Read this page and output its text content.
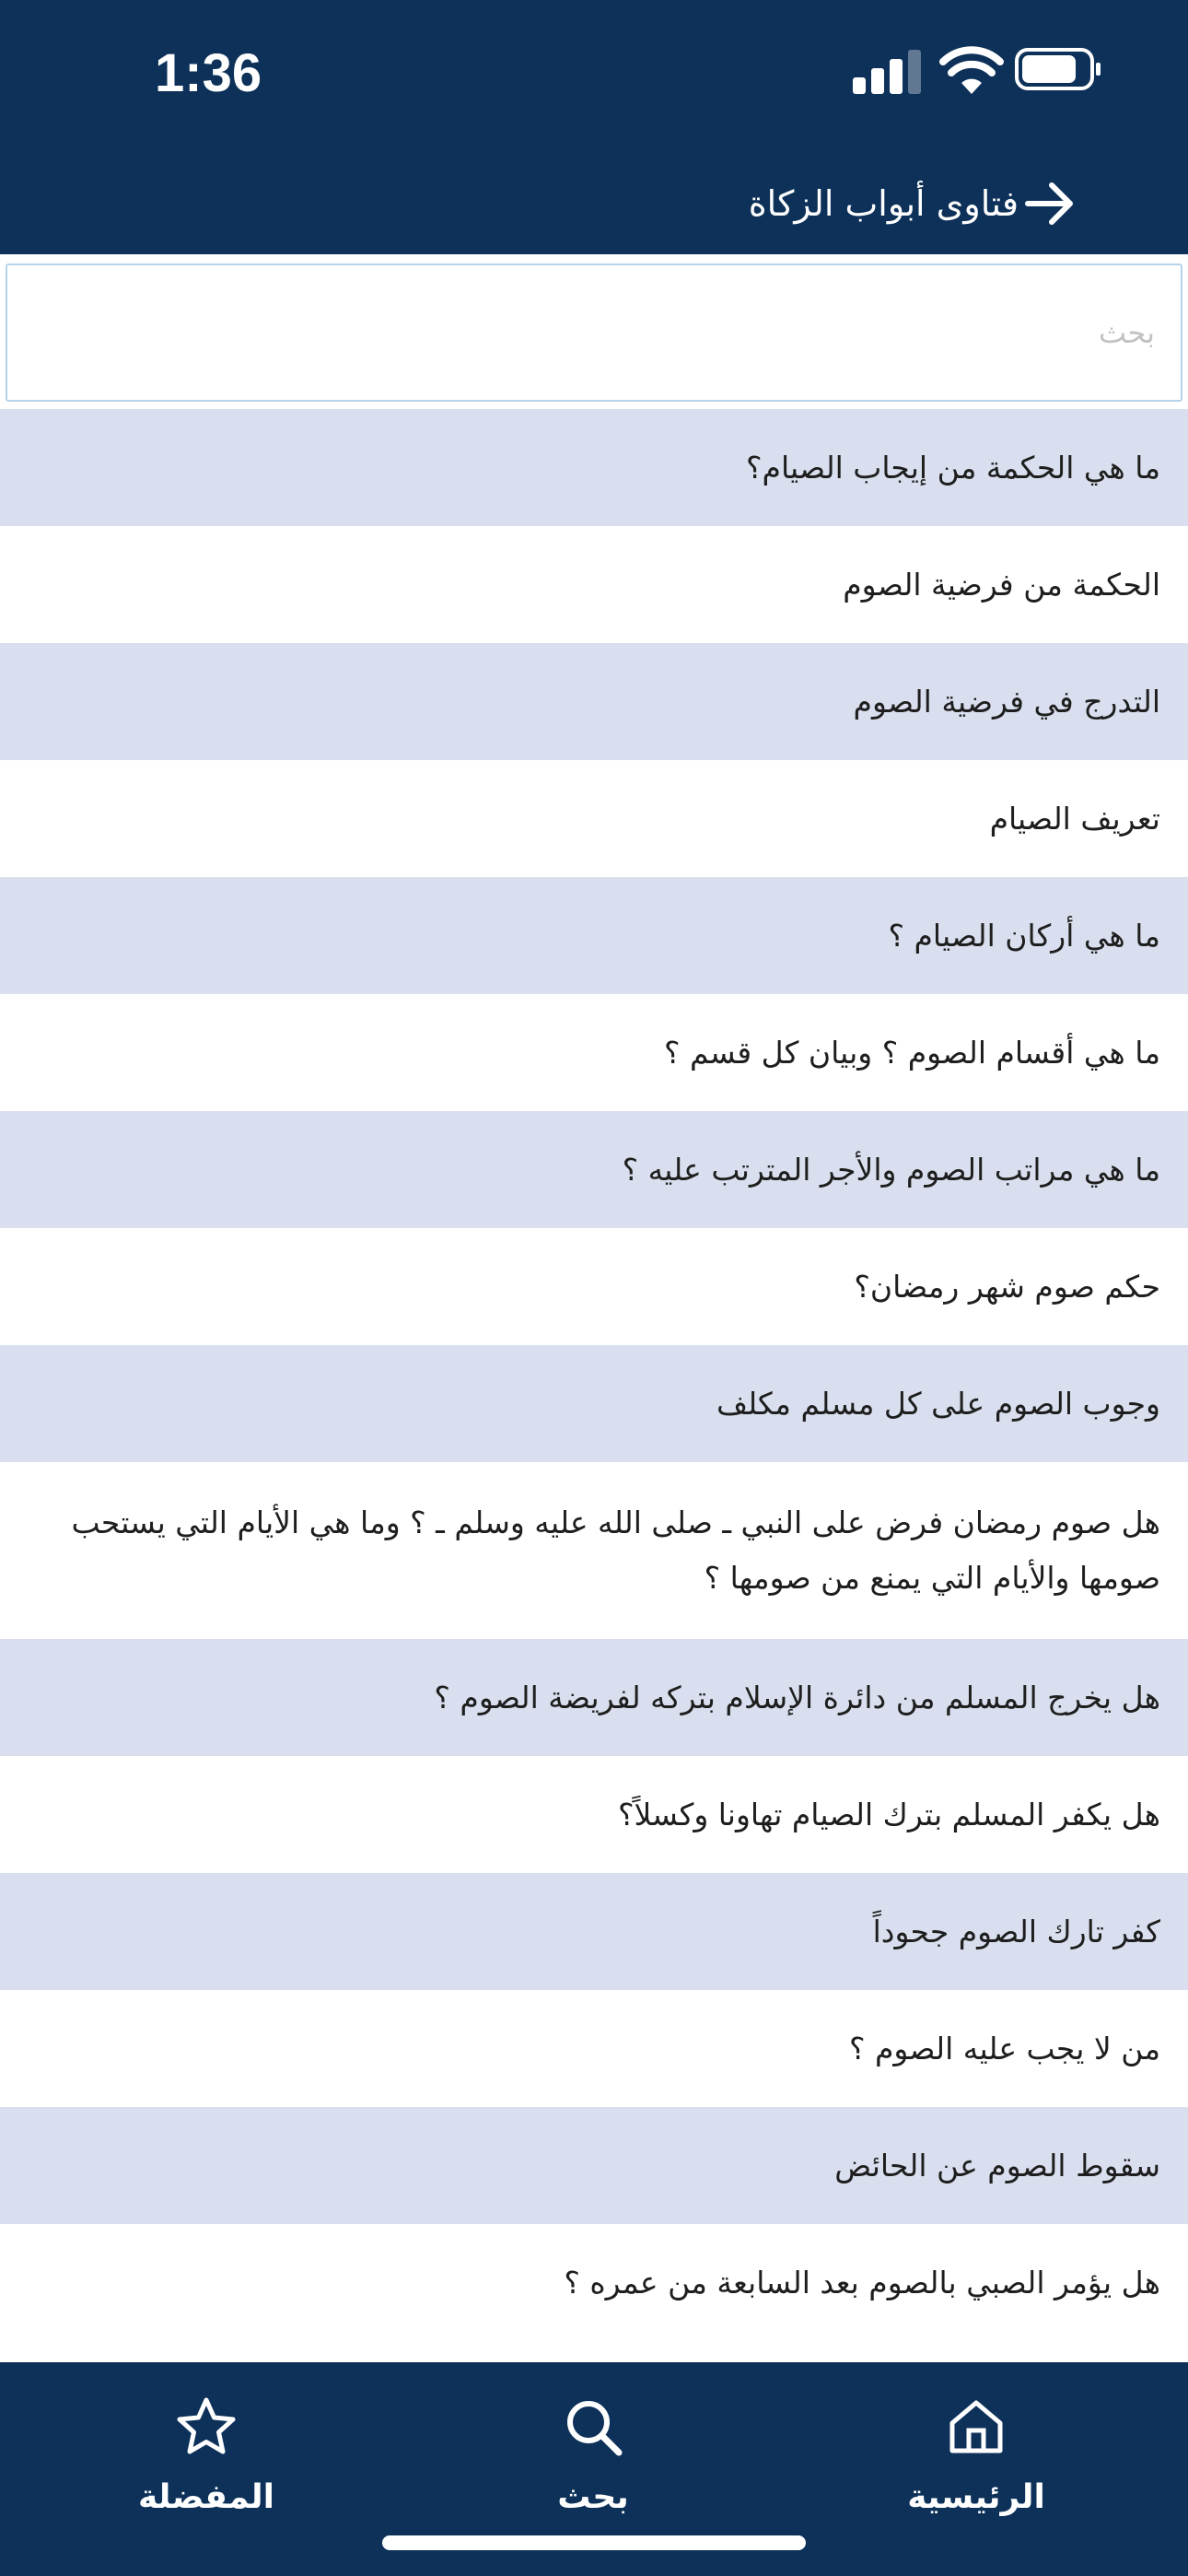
1:36
فتاوى أبواب الزكاة
بحث
ما هي الحكمة من إيجاب الصيام؟
الحكمة من فرضية الصوم
التدرج في فرضية الصوم
تعريف الصيام
ما هي أركان الصيام ؟
ما هي أقسام الصوم ؟ وبيان كل قسم ؟
ما هي مراتب الصوم والأجر المترتب عليه ؟
حكم صوم شهر رمضان؟
وجوب الصوم على كل مسلم مكلف
هل صوم رمضان فرض على النبي ـ صلى الله عليه وسلم ـ ؟ وما هي الأيام التي يستحب صومها والأيام التي يمنع من صومها ؟
هل يخرج المسلم من دائرة الإسلام بتركه لفريضة الصوم ؟
هل يكفر المسلم بترك الصيام تهاونا وكسلاً؟
كفر تارك الصوم جحوداً
من لا يجب عليه الصوم ؟
سقوط الصوم عن الحائض
هل يؤمر الصبي بالصوم بعد السابعة من عمره ؟
الرئيسية
بحث
المفضلة
